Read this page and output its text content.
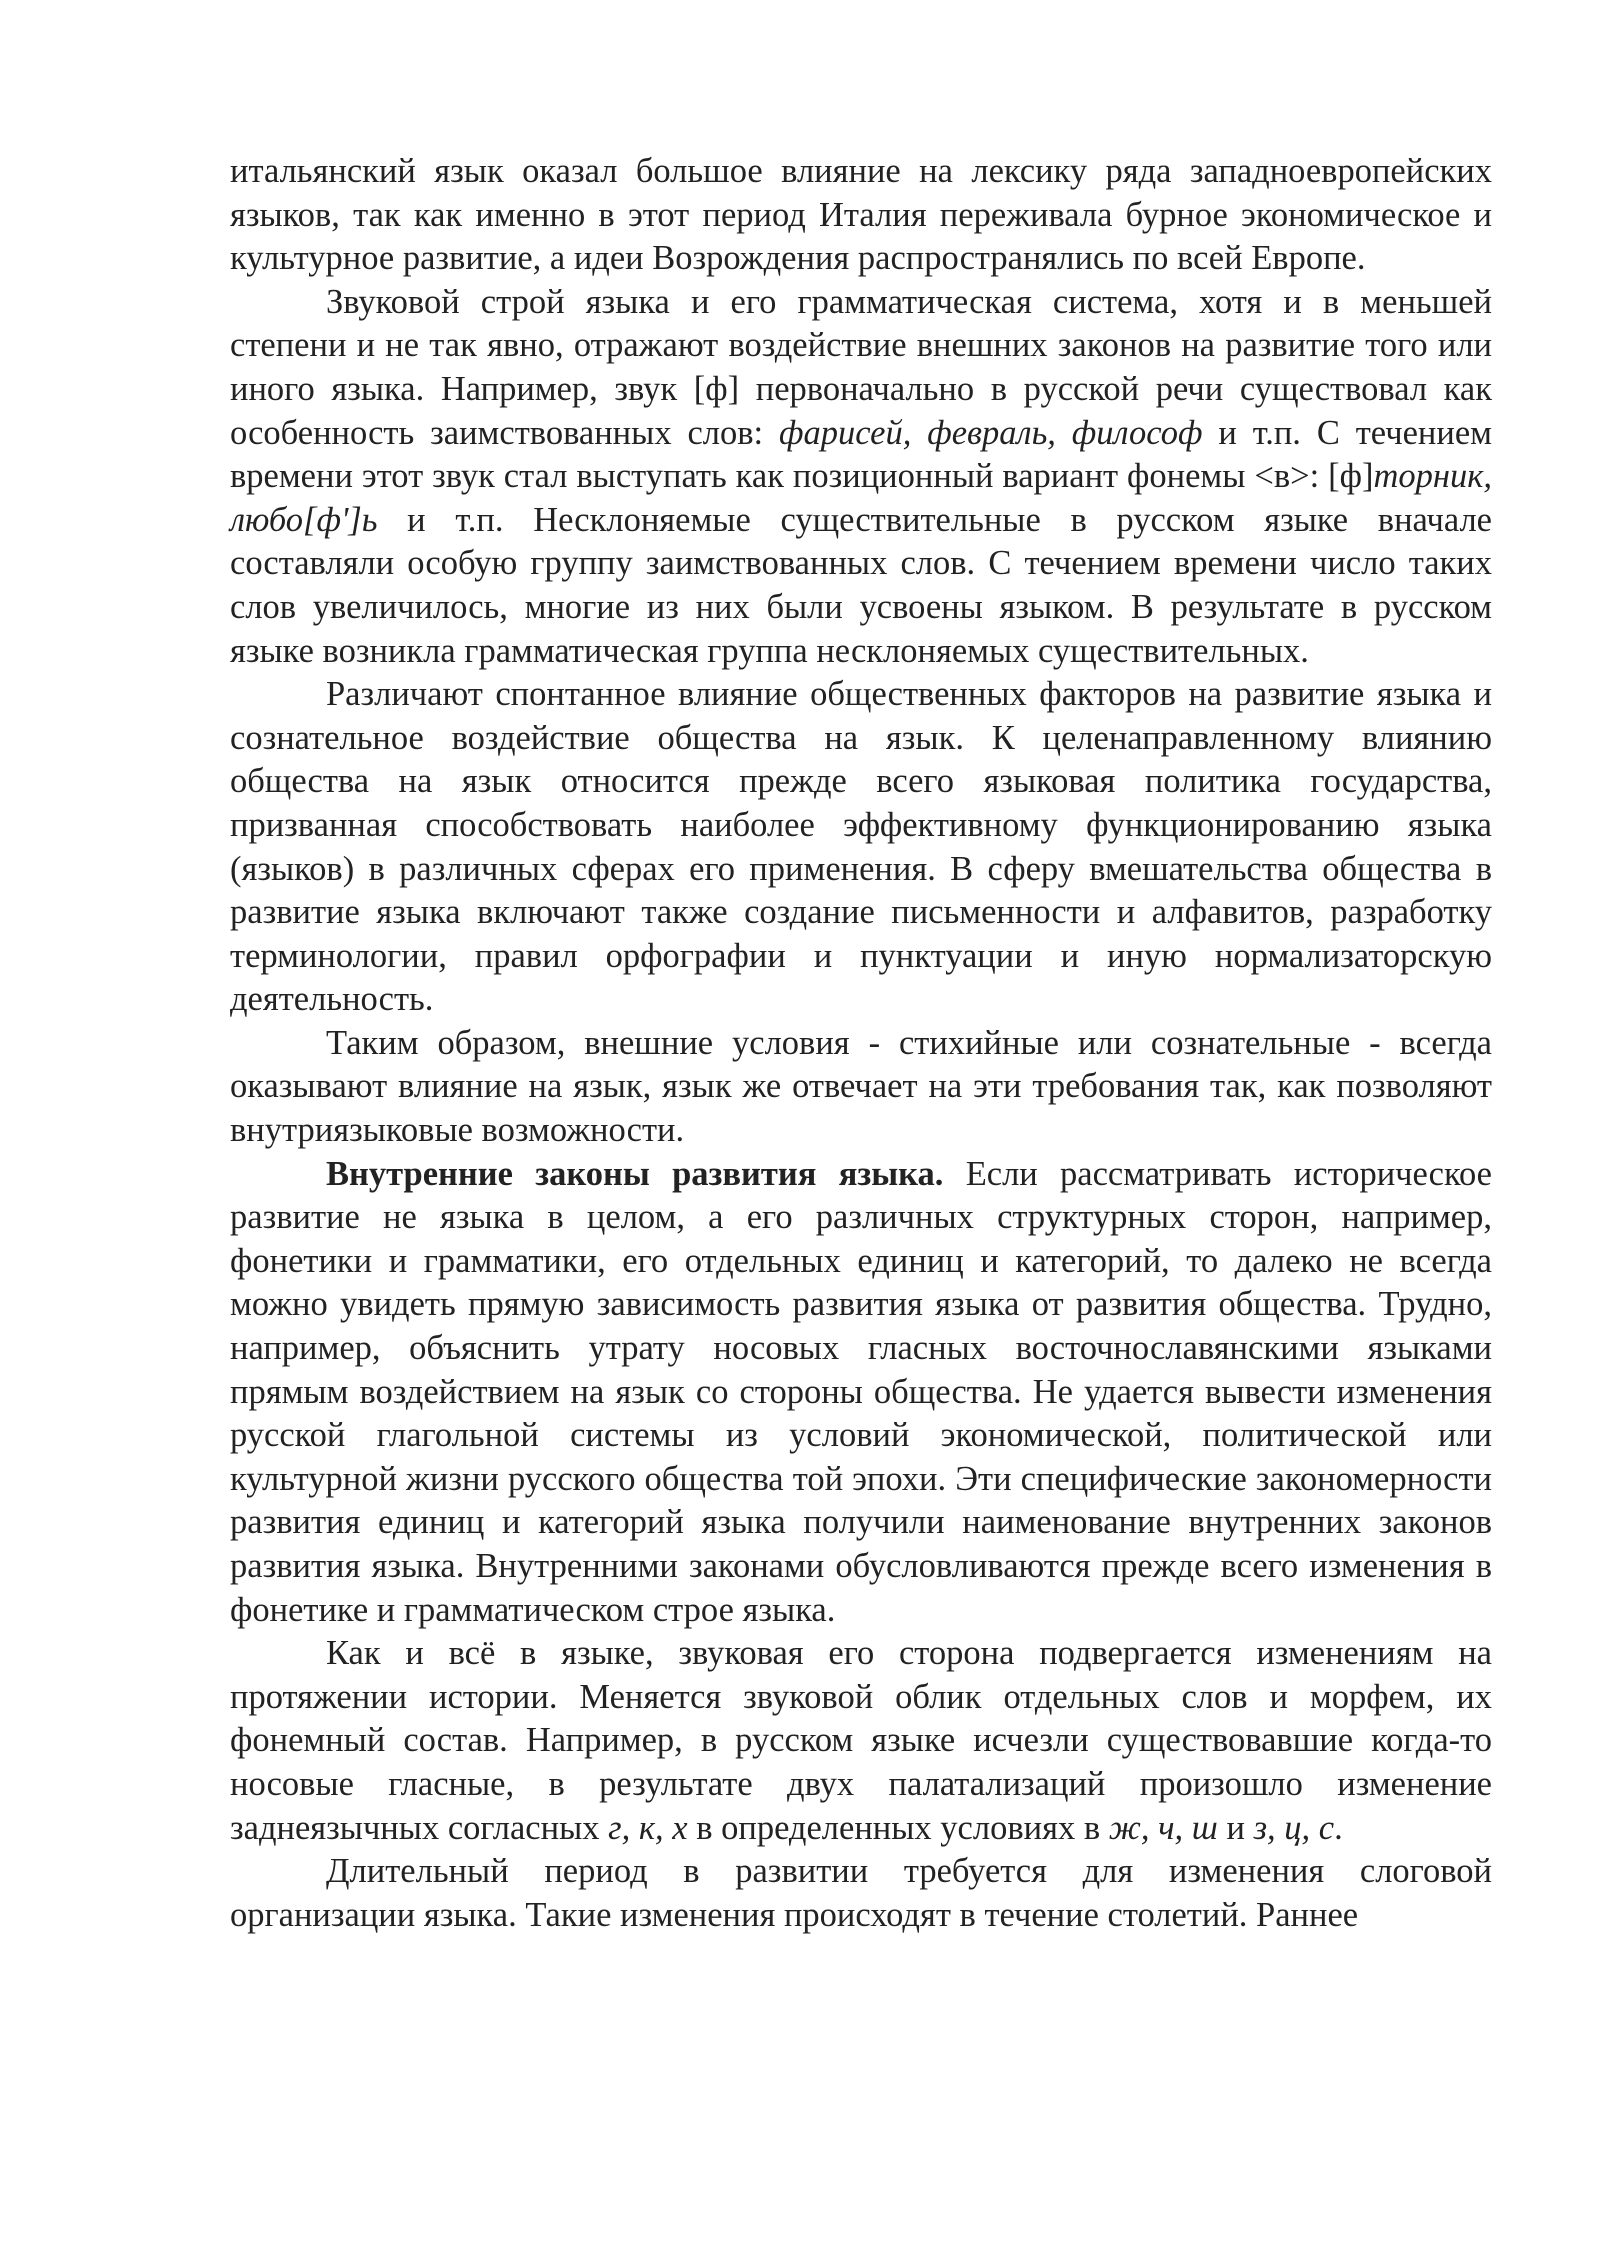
итальянский язык оказал большое влияние на лексику ряда западноевропейских языков, так как именно в этот период Италия переживала бурное экономическое и культурное развитие, а идеи Возрождения распространялись по всей Европе.

Звуковой строй языка и его грамматическая система, хотя и в меньшей степени и не так явно, отражают воздействие внешних законов на развитие того или иного языка. Например, звук [ф] первоначально в русской речи существовал как особенность заимствованных слов: фарисей, февраль, философ и т.п. С течением времени этот звук стал выступать как позиционный вариант фонемы <в>: [ф]торник, любо[ф']ь и т.п. Несклоняемые существительные в русском языке вначале составляли особую группу заимствованных слов. С течением времени число таких слов увеличилось, многие из них были усвоены языком. В результате в русском языке возникла грамматическая группа несклоняемых существительных.

Различают спонтанное влияние общественных факторов на развитие языка и сознательное воздействие общества на язык. К целенаправленному влиянию общества на язык относится прежде всего языковая политика государства, призванная способствовать наиболее эффективному функционированию языка (языков) в различных сферах его применения. В сферу вмешательства общества в развитие языка включают также создание письменности и алфавитов, разработку терминологии, правил орфографии и пунктуации и иную нормализаторскую деятельность.

Таким образом, внешние условия - стихийные или сознательные - всегда оказывают влияние на язык, язык же отвечает на эти требования так, как позволяют внутриязыковые возможности.

Внутренние законы развития языка. Если рассматривать историческое развитие не языка в целом, а его различных структурных сторон, например, фонетики и грамматики, его отдельных единиц и категорий, то далеко не всегда можно увидеть прямую зависимость развития языка от развития общества. Трудно, например, объяснить утрату носовых гласных восточнославянскими языками прямым воздействием на язык со стороны общества. Не удается вывести изменения русской глагольной системы из условий экономической, политической или культурной жизни русского общества той эпохи. Эти специфические закономерности развития единиц и категорий языка получили наименование внутренних законов развития языка. Внутренними законами обусловливаются прежде всего изменения в фонетике и грамматическом строе языка.

Как и всё в языке, звуковая его сторона подвергается изменениям на протяжении истории. Меняется звуковой облик отдельных слов и морфем, их фонемный состав. Например, в русском языке исчезли существовавшие когда-то носовые гласные, в результате двух палатализаций произошло изменение заднеязычных согласных г, к, х в определенных условиях в ж, ч, ш и з, ц, с.

Длительный период в развитии требуется для изменения слоговой организации языка. Такие изменения происходят в течение столетий. Раннее
